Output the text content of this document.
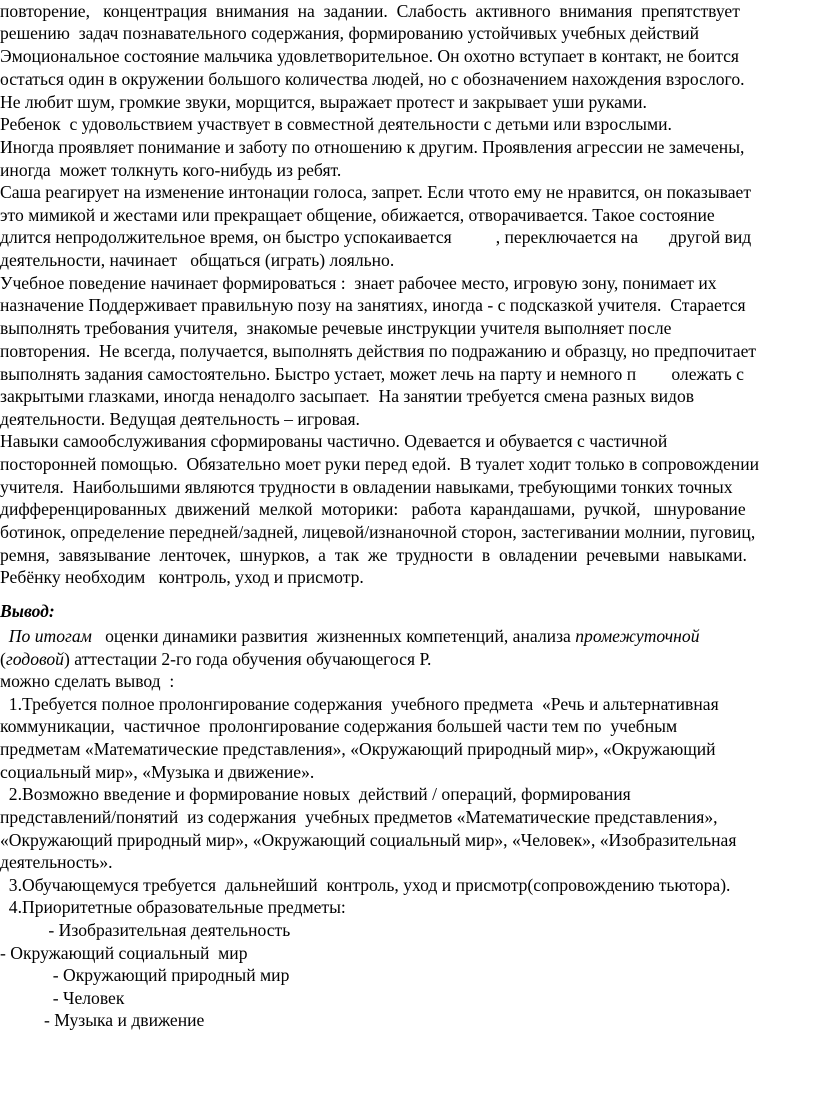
повторение,   концентрация  внимания  на  задании.  Слабость  активного  внимания  препятствует
решению  задач познавательного содержания, формированию устойчивых учебных действий
Эмоциональное состояние мальчика удовлетворительное. Он охотно вступает в контакт, не боится
остаться один в окружении большого количества людей, но с обозначением нахождения взрослого.
Не любит шум, громкие звуки, морщится, выражает протест и закрывает уши руками.
Ребенок  с удовольствием участвует в совместной деятельности с детьми или взрослыми.
Иногда проявляет понимание и заботу по отношению к другим. Проявления агрессии не замечены,
иногда  может толкнуть кого-нибудь из ребят.
Саша реагирует на изменение интонации голоса, запрет. Если чтото ему не нравится, он показывает
это мимикой и жестами или прекращает общение, обижается, отворачивается. Такое состояние
длится непродолжительное время, он быстро успокаивается          , переключается на       другой вид
деятельности, начинает   общаться (играть) лояльно.
Учебное поведение начинает формироваться :  знает рабочее место, игровую зону, понимает их
назначение Поддерживает правильную позу на занятиях, иногда - с подсказкой учителя.  Старается
выполнять требования учителя,  знакомые речевые инструкции учителя выполняет после
повторения.  Не всегда, получается, выполнять действия по подражанию и образцу, но предпочитает
выполнять задания самостоятельно. Быстро устает, может лечь на парту и немного п        олежать с
закрытыми глазками, иногда ненадолго засыпает.  На занятии требуется смена разных видов
деятельности. Ведущая деятельность – игровая.
Навыки самообслуживания сформированы частично. Одевается и обувается с частичной
посторонней помощью.  Обязательно моет руки перед едой.  В туалет ходит только в сопровождении
учителя.  Наибольшими являются трудности в овладении навыками, требующими тонких точных
дифференцированных  движений  мелкой  моторики:   работа  карандашами,  ручкой,   шнурование
ботинок, определение передней/задней, лицевой/изнаночной сторон, застегивании молнии, пуговиц,
ремня,  завязывание  ленточек,  шнурков,  а  так  же  трудности  в  овладении  речевыми  навыками.
Ребёнку необходим   контроль, уход и присмотр.
Вывод:
По итогам   оценки динамики развития  жизненных компетенций, анализа промежуточной
(годовой) аттестации 2-го года обучения обучающегося Р.
можно сделать вывод  :
1.Требуется полное пролонгирование содержания  учебного предмета  «Речь и альтернативная
коммуникации,  частичное  пролонгирование содержания большей части тем по  учебным
предметам «Математические представления», «Окружающий природный мир», «Окружающий
социальный мир», «Музыка и движение».
2.Возможно введение и формирование новых  действий / операций, формирования
представлений/понятий  из содержания  учебных предметов «Математические представления»,
«Окружающий природный мир», «Окружающий социальный мир», «Человек», «Изобразительная
деятельность».
3.Обучающемуся требуется  дальнейший  контроль, уход и присмотр(сопровождению тьютора).
4.Приоритетные образовательные предметы:
- Изобразительная деятельность
- Окружающий социальный  мир
- Окружающий природный мир
- Человек
- Музыка и движение
